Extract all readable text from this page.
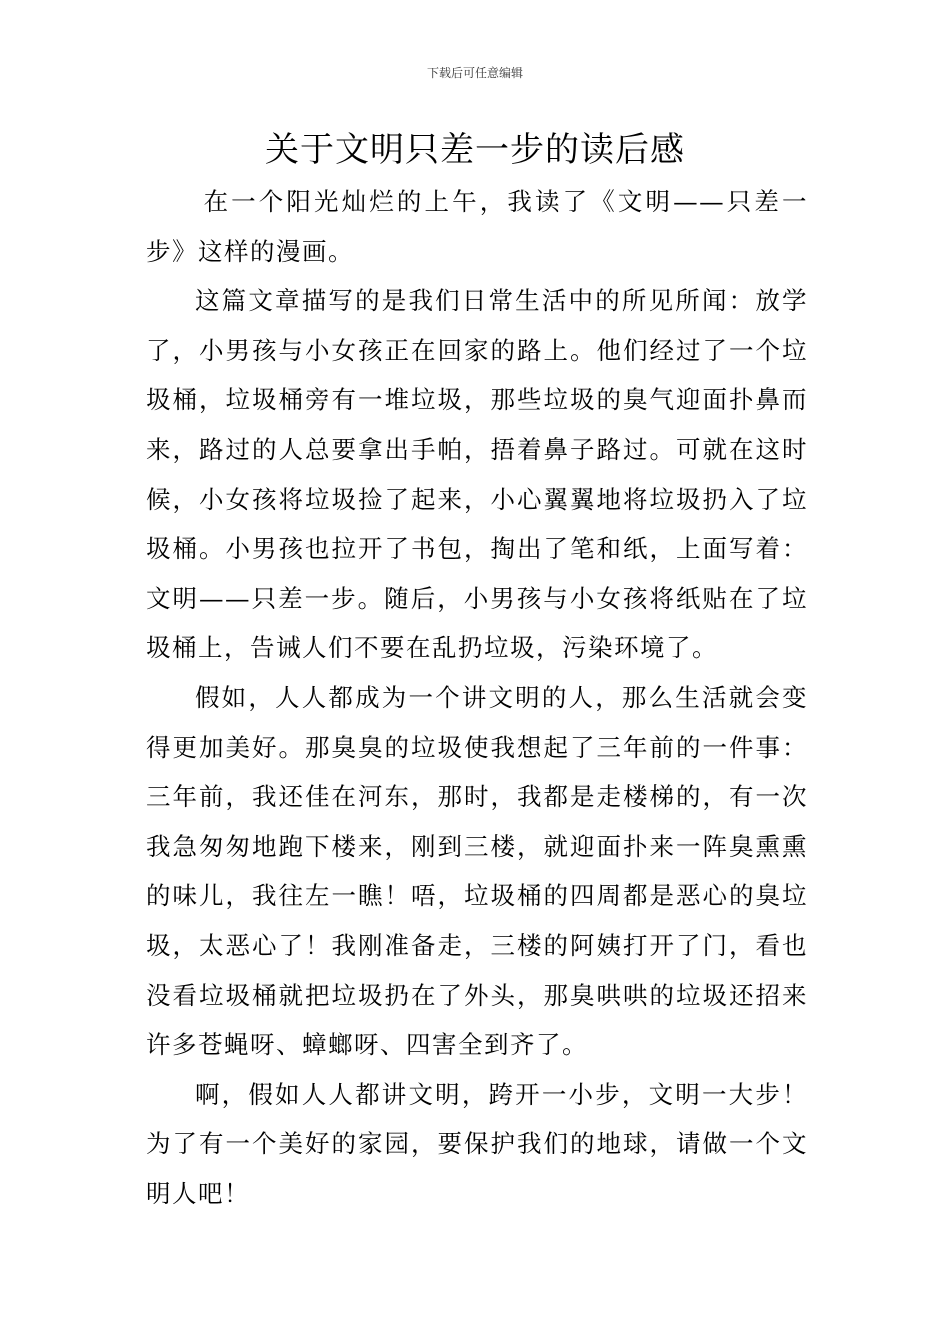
下载后可任意编辑
关于文明只差一步的读后感

在一个阳光灿烂的上午，我读了《文明——只差一步》这样的漫画。

这篇文章描写的是我们日常生活中的所见所闻：放学了，小男孩与小女孩正在回家的路上。他们经过了一个垃圾桶，垃圾桶旁有一堆垃圾，那些垃圾的臭气迎面扑鼻而来，路过的人总要拿出手帕，捂着鼻子路过。可就在这时候，小女孩将垃圾捡了起来，小心翼翼地将垃圾扔入了垃圾桶。小男孩也拉开了书包，掏出了笔和纸，上面写着：文明——只差一步。随后，小男孩与小女孩将纸贴在了垃圾桶上，告诫人们不要在乱扔垃圾，污染环境了。

假如，人人都成为一个讲文明的人，那么生活就会变得更加美好。那臭臭的垃圾使我想起了三年前的一件事：三年前，我还佳在河东，那时，我都是走楼梯的，有一次我急匆匆地跑下楼来，刚到三楼，就迎面扑来一阵臭熏熏的味儿，我往左一瞧！唔，垃圾桶的四周都是恶心的臭垃圾，太恶心了！我刚准备走，三楼的阿姨打开了门，看也没看垃圾桶就把垃圾扔在了外头，那臭哄哄的垃圾还招来许多苍蝇呀、蟑螂呀、四害全到齐了。

啊，假如人人都讲文明，跨开一小步，文明一大步！为了有一个美好的家园，要保护我们的地球，请做一个文明人吧！
